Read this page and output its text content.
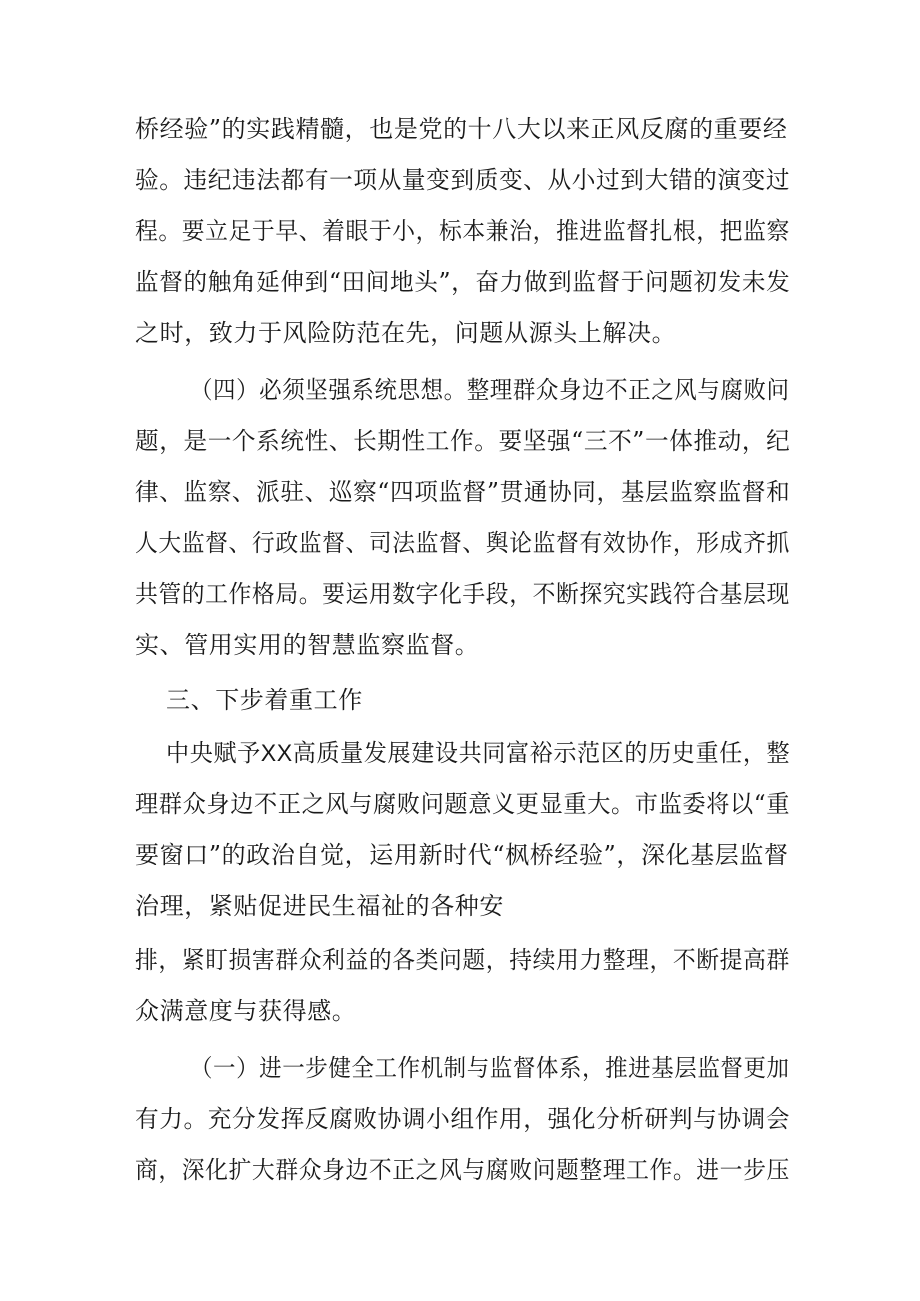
桥经验”的实践精髓，也是党的十八大以来正风反腐的重要经

验。违纪违法都有一项从量变到质变、从小过到大错的演变过

程。要立足于早、着眼于小，标本兼治，推进监督扎根，把监察

监督的触角延伸到“田间地头”，奋力做到监督于问题初发未发

之时，致力于风险防范在先，问题从源头上解决。

（四）必须坚强系统思想。整理群众身边不正之风与腐败问

题，是一个系统性、长期性工作。要坚强“三不”一体推动，纪

律、监察、派驻、巡察“四项监督”贯通协同，基层监察监督和

人大监督、行政监督、司法监督、舆论监督有效协作，形成齐抓

共管的工作格局。要运用数字化手段，不断探究实践符合基层现

实、管用实用的智慧监察监督。

三、下步着重工作

中央赋予XX高质量发展建设共同富裕示范区的历史重任，整

理群众身边不正之风与腐败问题意义更显重大。市监委将以“重

要窗口”的政治自觉，运用新时代“枫桥经验”，深化基层监督

治理，紧贴促进民生福祉的各种安

排，紧盯损害群众利益的各类问题，持续用力整理，不断提高群

众满意度与获得感。

（一）进一步健全工作机制与监督体系，推进基层监督更加

有力。充分发挥反腐败协调小组作用，强化分析研判与协调会

商，深化扩大群众身边不正之风与腐败问题整理工作。进一步压
